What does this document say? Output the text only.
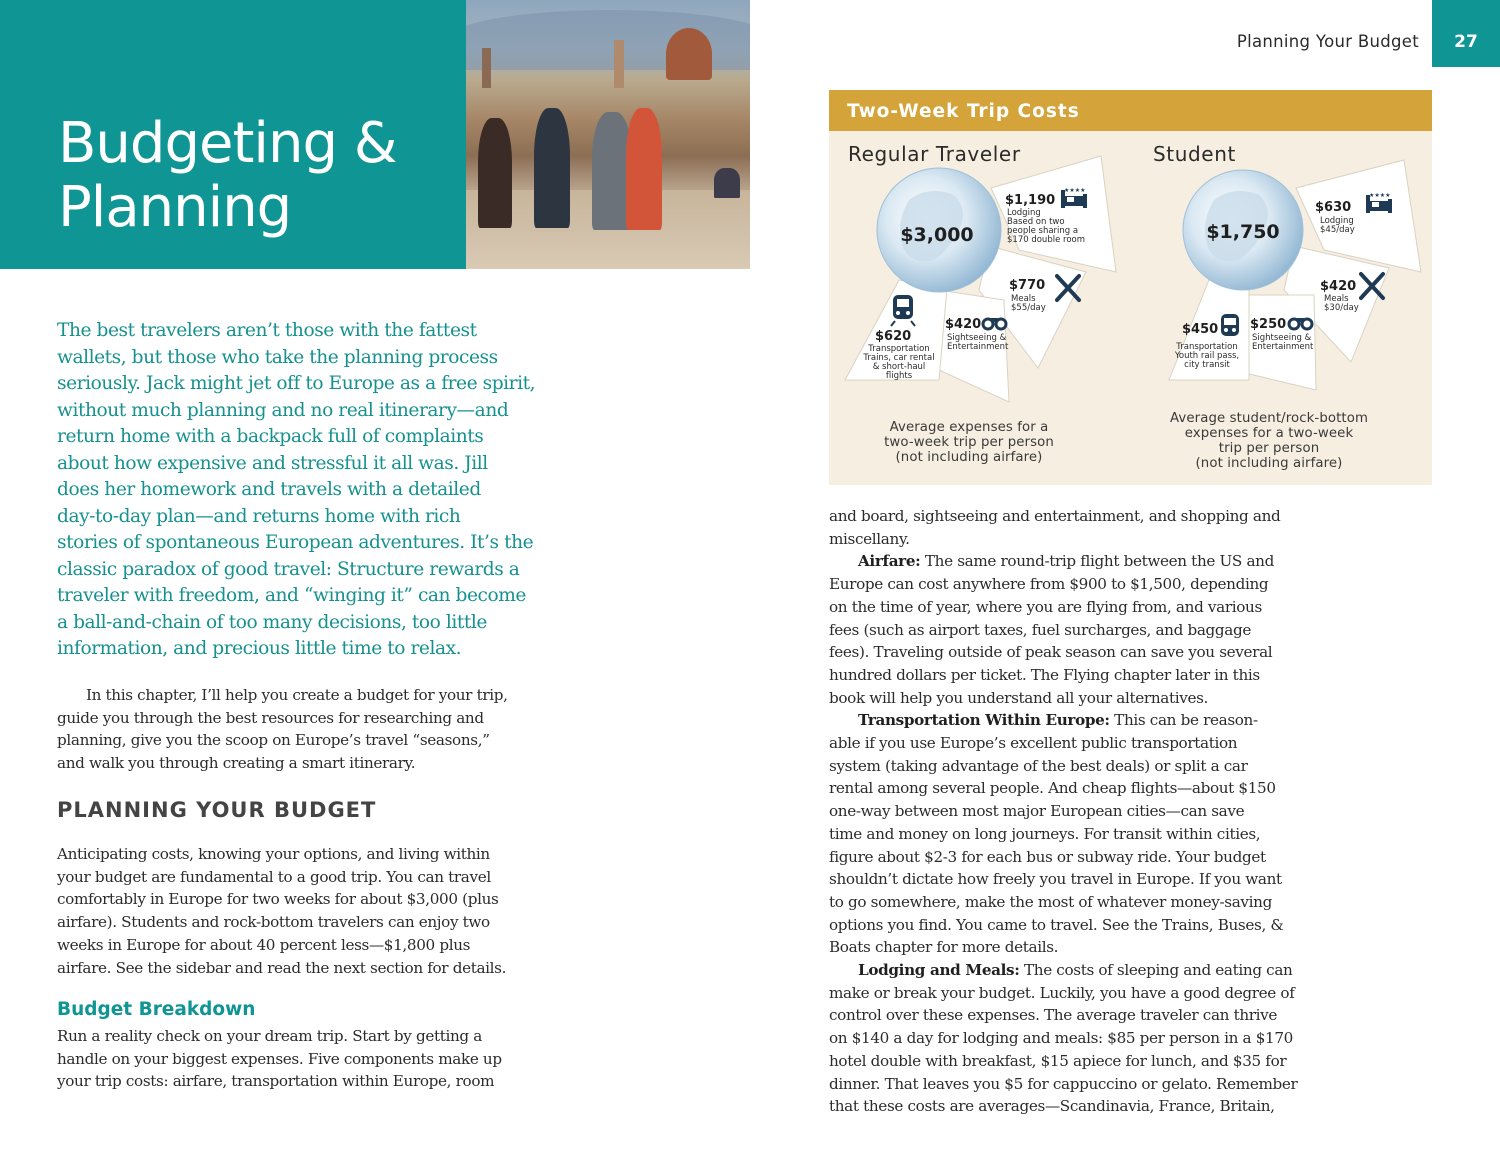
Budgeting &
Planning
The best travelers aren’t those with the fattest
wallets, but those who take the planning process
seriously. Jack might jet off to Europe as a free spirit,
without much planning and no real itinerary—and
return home with a backpack full of complaints
about how expensive and stressful it all was. Jill
does her homework and travels with a detailed
day-to-day plan—and returns home with rich
stories of spontaneous European adventures. It’s the
classic paradox of good travel: Structure rewards a
traveler with freedom, and “winging it” can become
a ball-and-chain of too many decisions, too little
information, and precious little time to relax.
In this chapter, I’ll help you create a budget for your trip,
guide you through the best resources for researching and
planning, give you the scoop on Europe’s travel “seasons,”
and walk you through creating a smart itinerary.
PLANNING YOUR BUDGET
Anticipating costs, knowing your options, and living within
your budget are fundamental to a good trip. You can travel
comfortably in Europe for two weeks for about $3,000 (plus
airfare). Students and rock-bottom travelers can enjoy two
weeks in Europe for about 40 percent less—$1,800 plus
airfare. See the sidebar and read the next section for details.
Budget Breakdown
Run a reality check on your dream trip. Start by getting a
handle on your biggest expenses. Five components make up
your trip costs: airfare, transportation within Europe, room
Planning Your Budget	27
Two-Week Trip Costs
Regular Traveler	Student
$3,000
$1,190
Lodging
Based on two
people sharing a
$170 double room
★★★★
$770
Meals
$55/day
$420
Sightseeing &
Entertainment
$620
Transportation
Trains, car rental
& short-haul
flights
$1,750
$630
Lodging
$45/day
★★★★
$420
Meals
$30/day
$250
Sightseeing &
Entertainment
$450
Transportation
Youth rail pass,
city transit
Average expenses for a
two-week trip per person
(not including airfare)
Average student/rock-bottom
expenses for a two-week
trip per person
(not including airfare)
and board, sightseeing and entertainment, and shopping and
miscellany.
Airfare: The same round-trip flight between the US and
Europe can cost anywhere from $900 to $1,500, depending
on the time of year, where you are flying from, and various
fees (such as airport taxes, fuel surcharges, and baggage
fees). Traveling outside of peak season can save you several
hundred dollars per ticket. The Flying chapter later in this
book will help you understand all your alternatives.
Transportation Within Europe: This can be reason-
able if you use Europe’s excellent public transportation
system (taking advantage of the best deals) or split a car
rental among several people. And cheap flights—about $150
one-way between most major European cities—can save
time and money on long journeys. For transit within cities,
figure about $2-3 for each bus or subway ride. Your budget
shouldn’t dictate how freely you travel in Europe. If you want
to go somewhere, make the most of whatever money-saving
options you find. You came to travel. See the Trains, Buses, &
Boats chapter for more details.
Lodging and Meals: The costs of sleeping and eating can
make or break your budget. Luckily, you have a good degree of
control over these expenses. The average traveler can thrive
on $140 a day for lodging and meals: $85 per person in a $170
hotel double with breakfast, $15 apiece for lunch, and $35 for
dinner. That leaves you $5 for cappuccino or gelato. Remember
that these costs are averages—Scandinavia, France, Britain,
